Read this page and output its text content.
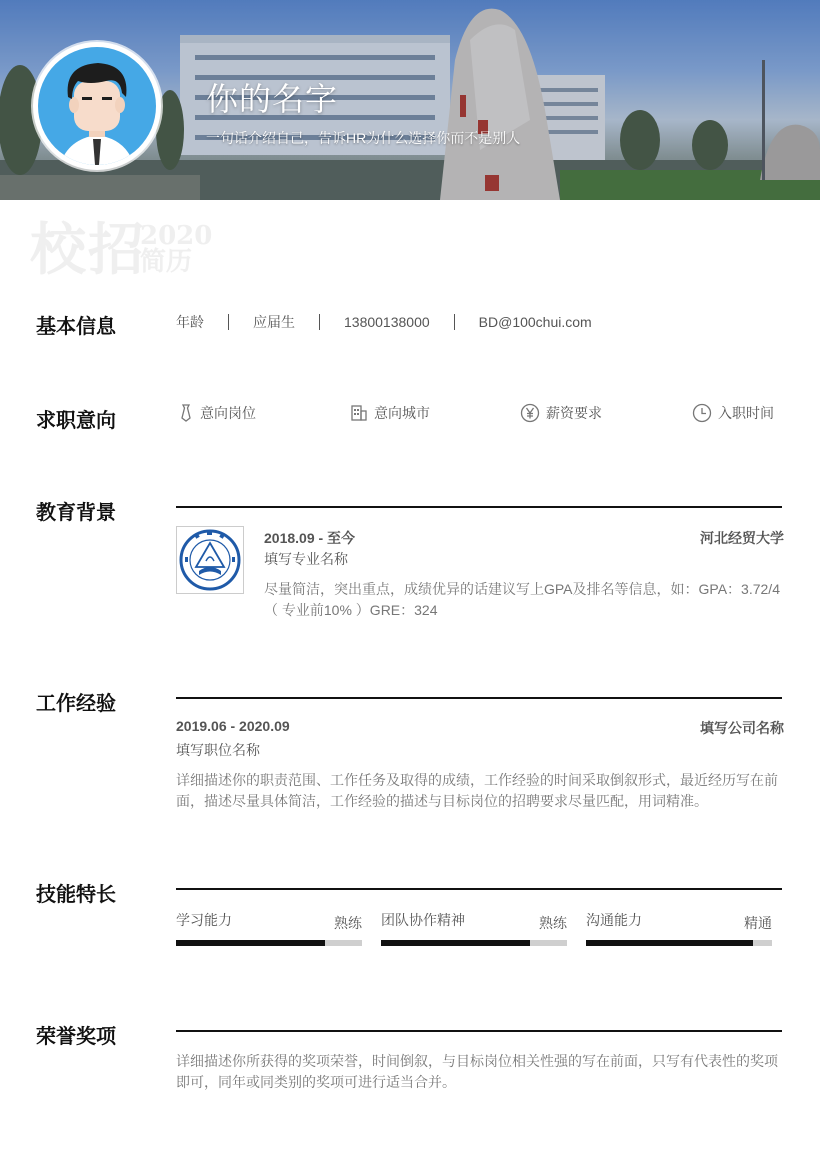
你的名字
一句话介绍自己，告诉HR为什么选择你而不是别人
校招
2020
简历
基本信息	年龄	应届生	13800138000	BD@100chui.com
求职意向	意向岗位	意向城市	薪资要求	入职时间
教育背景
2018.09 - 至今	河北经贸大学
填写专业名称
尽量简洁，突出重点，成绩优异的话建议写上GPA及排名等信息，如：GPA：3.72/4（ 专业前10% ）GRE：324
工作经验
2019.06 - 2020.09	填写公司名称
填写职位名称
详细描述你的职责范围、工作任务及取得的成绩，工作经验的时间采取倒叙形式，最近经历写在前面，描述尽量具体简洁，工作经验的描述与目标岗位的招聘要求尽量匹配，用词精准。
技能特长
学习能力	熟练 团队协作精神	熟练 沟通能力	精通
荣誉奖项
详细描述你所获得的奖项荣誉，时间倒叙，与目标岗位相关性强的写在前面，只写有代表性的奖项即可，同年或同类别的奖项可进行适当合并。
